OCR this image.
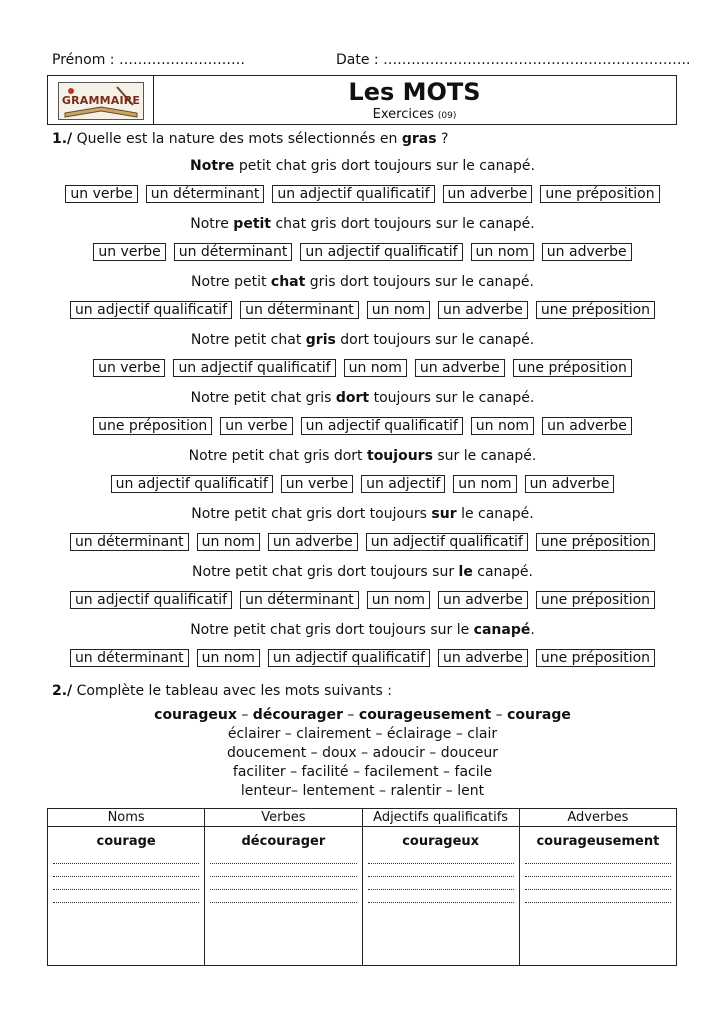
Prénom : ………………………	Date : …………………………………….…………………..
GRAMMAIRE	Les MOTS
Exercices (09)
1./ Quelle est la nature des mots sélectionnés en gras ?
Notre petit chat gris dort toujours sur le canapé.
un verbe	un déterminant	un adjectif qualificatif	un adverbe	une préposition
Notre petit chat gris dort toujours sur le canapé.
un verbe	un déterminant	un adjectif qualificatif	un nom	un adverbe
Notre petit chat gris dort toujours sur le canapé.
un adjectif qualificatif	un déterminant	un nom	un adverbe	une préposition
Notre petit chat gris dort toujours sur le canapé.
un verbe	un adjectif qualificatif	un nom	un adverbe	une préposition
Notre petit chat gris dort toujours sur le canapé.
une préposition	un verbe	un adjectif qualificatif	un nom	un adverbe
Notre petit chat gris dort toujours sur le canapé.
un adjectif qualificatif	un verbe	un adjectif	un nom	un adverbe
Notre petit chat gris dort toujours sur le canapé.
un déterminant	un nom	un adverbe	un adjectif qualificatif	une préposition
Notre petit chat gris dort toujours sur le canapé.
un adjectif qualificatif	un déterminant	un nom	un adverbe	une préposition
Notre petit chat gris dort toujours sur le canapé.
un déterminant	un nom	un adjectif qualificatif	un adverbe	une préposition
2./ Complète le tableau avec les mots suivants :
courageux – décourager – courageusement – courage
éclairer – clairement – éclairage – clair
doucement – doux – adoucir – douceur
faciliter – facilité – facilement – facile
lenteur– lentement – ralentir – lent
Noms	Verbes	Adjectifs qualificatifs	Adverbes

courage	décourager	courageux	courageusement
